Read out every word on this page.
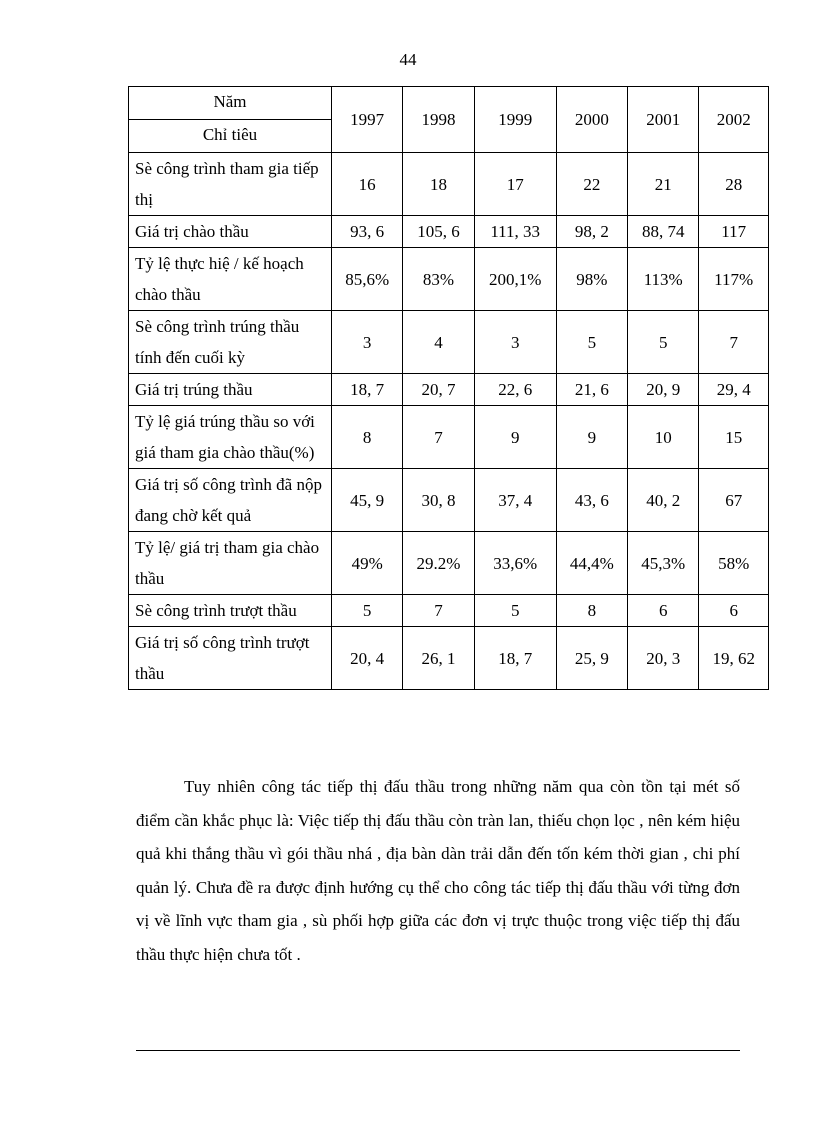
44
Năm
Chỉ tiêu	1997	1998	1999	2000	2001	2002
Sè công trình tham gia tiếp thị	16	18	17	22	21	28
Giá trị chào thầu	93, 6	105, 6	111, 33	98, 2	88, 74	117
Tỷ lệ thực hiệ / kế hoạch chào thầu	85,6%	83%	200,1%	98%	113%	117%
Sè công trình trúng thầu tính đến cuối kỳ	3	4	3	5	5	7
Giá trị trúng thầu	18, 7	20, 7	22, 6	21, 6	20, 9	29, 4
Tỷ lệ giá trúng thầu so với giá tham gia chào thầu(%)	8	7	9	9	10	15
Giá trị số công trình đã nộp đang chờ kết quả	45, 9	30, 8	37, 4	43, 6	40, 2	67
Tỷ lệ/ giá trị tham gia chào thầu	49%	29.2%	33,6%	44,4%	45,3%	58%
Sè công trình trượt thầu	5	7	5	8	6	6
Giá trị số công trình trượt thầu	20, 4	26, 1	18, 7	25, 9	20, 3	19, 62

Tuy nhiên công tác tiếp thị đấu thầu trong những năm qua còn tồn tại mét số điểm cần khắc phục là: Việc tiếp thị đấu thầu còn tràn lan, thiếu chọn lọc , nên kém hiệu quả khi thắng thầu vì gói thầu nhá , địa bàn dàn trải dẫn đến tốn kém thời gian , chi phí quản lý. Chưa đề ra được định hướng cụ thể cho công tác tiếp thị đấu thầu với từng đơn vị về lĩnh vực tham gia , sù phối hợp giữa các đơn vị trực thuộc trong việc tiếp thị đấu thầu thực hiện chưa tốt .
